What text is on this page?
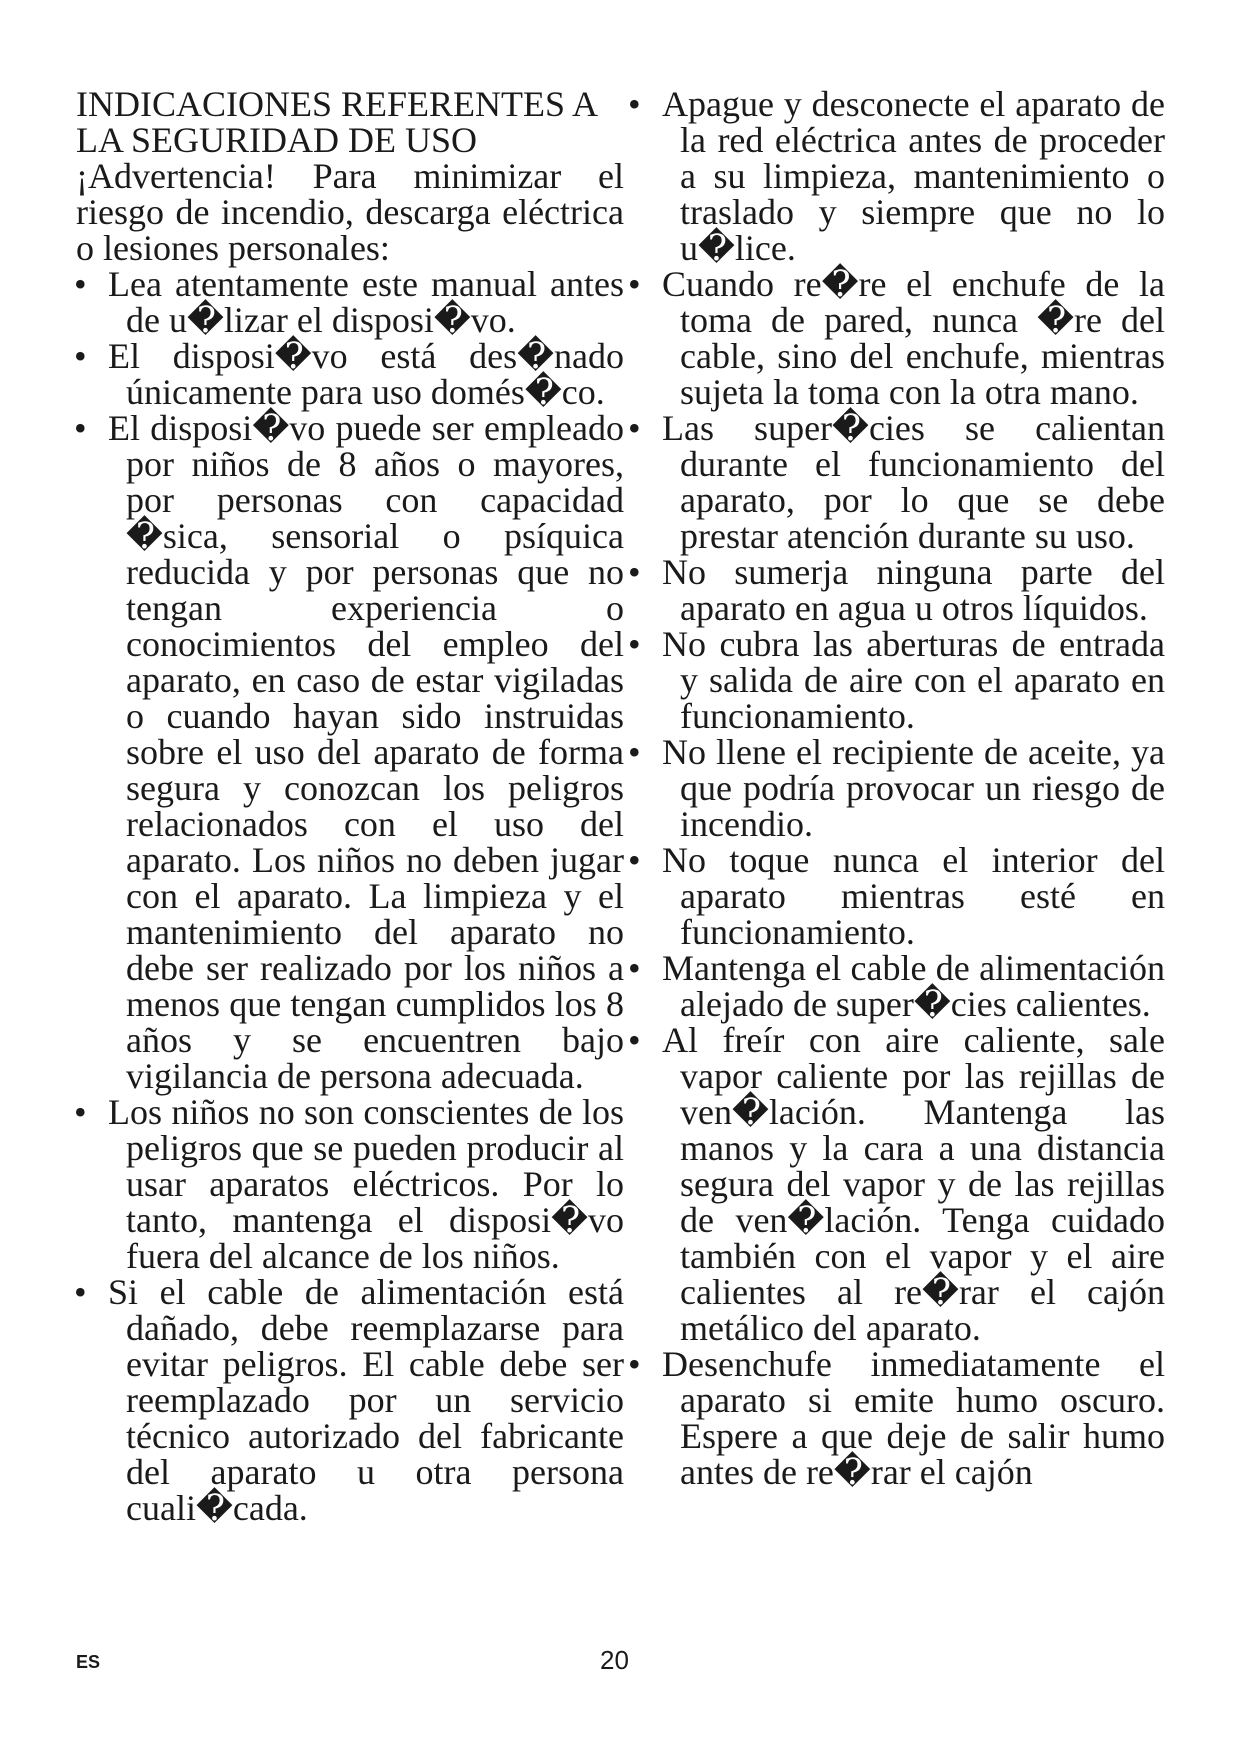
INDICACIONES REFERENTES A LA SEGURIDAD DE USO

¡Advertencia! Para minimizar el riesgo de incendio, descarga eléctrica o lesiones personales:

• Lea atentamente este manual antes de u�lizar el disposi�vo.
• El disposi�vo está des�nado únicamente para uso domés�co.
• El disposi�vo puede ser empleado por niños de 8 años o mayores, por personas con capacidad �sica, sensorial o psíquica reducida y por personas que no tengan experiencia o conocimientos del empleo del aparato, en caso de estar vigiladas o cuando hayan sido instruidas sobre el uso del aparato de forma segura y conozcan los peligros relacionados con el uso del aparato. Los niños no deben jugar con el aparato. La limpieza y el mantenimiento del aparato no debe ser realizado por los niños a menos que tengan cumplidos los 8 años y se encuentren bajo vigilancia de persona adecuada.
• Los niños no son conscientes de los peligros que se pueden producir al usar aparatos eléctricos. Por lo tanto, mantenga el disposi�vo fuera del alcance de los niños.
• Si el cable de alimentación está dañado, debe reemplazarse para evitar peligros. El cable debe ser reemplazado por un servicio técnico autorizado del fabricante del aparato u otra persona cuali�cada.
• Apague y desconecte el aparato de la red eléctrica antes de proceder a su limpieza, mantenimiento o traslado y siempre que no lo u�lice.
• Cuando re�re el enchufe de la toma de pared, nunca �re del cable, sino del enchufe, mientras sujeta la toma con la otra mano.
• Las super�cies se calientan durante el funcionamiento del aparato, por lo que se debe prestar atención durante su uso.
• No sumerja ninguna parte del aparato en agua u otros líquidos.
• No cubra las aberturas de entrada y salida de aire con el aparato en funcionamiento.
• No llene el recipiente de aceite, ya que podría provocar un riesgo de incendio.
• No toque nunca el interior del aparato mientras esté en funcionamiento.
• Mantenga el cable de alimentación alejado de super�cies calientes.
• Al freír con aire caliente, sale vapor caliente por las rejillas de ven�lación. Mantenga las manos y la cara a una distancia segura del vapor y de las rejillas de ven�lación. Tenga cuidado también con el vapor y el aire calientes al re�rar el cajón metálico del aparato.
• Desenchufe inmediatamente el aparato si emite humo oscuro. Espere a que deje de salir humo antes de re�rar el cajón
ES	20
